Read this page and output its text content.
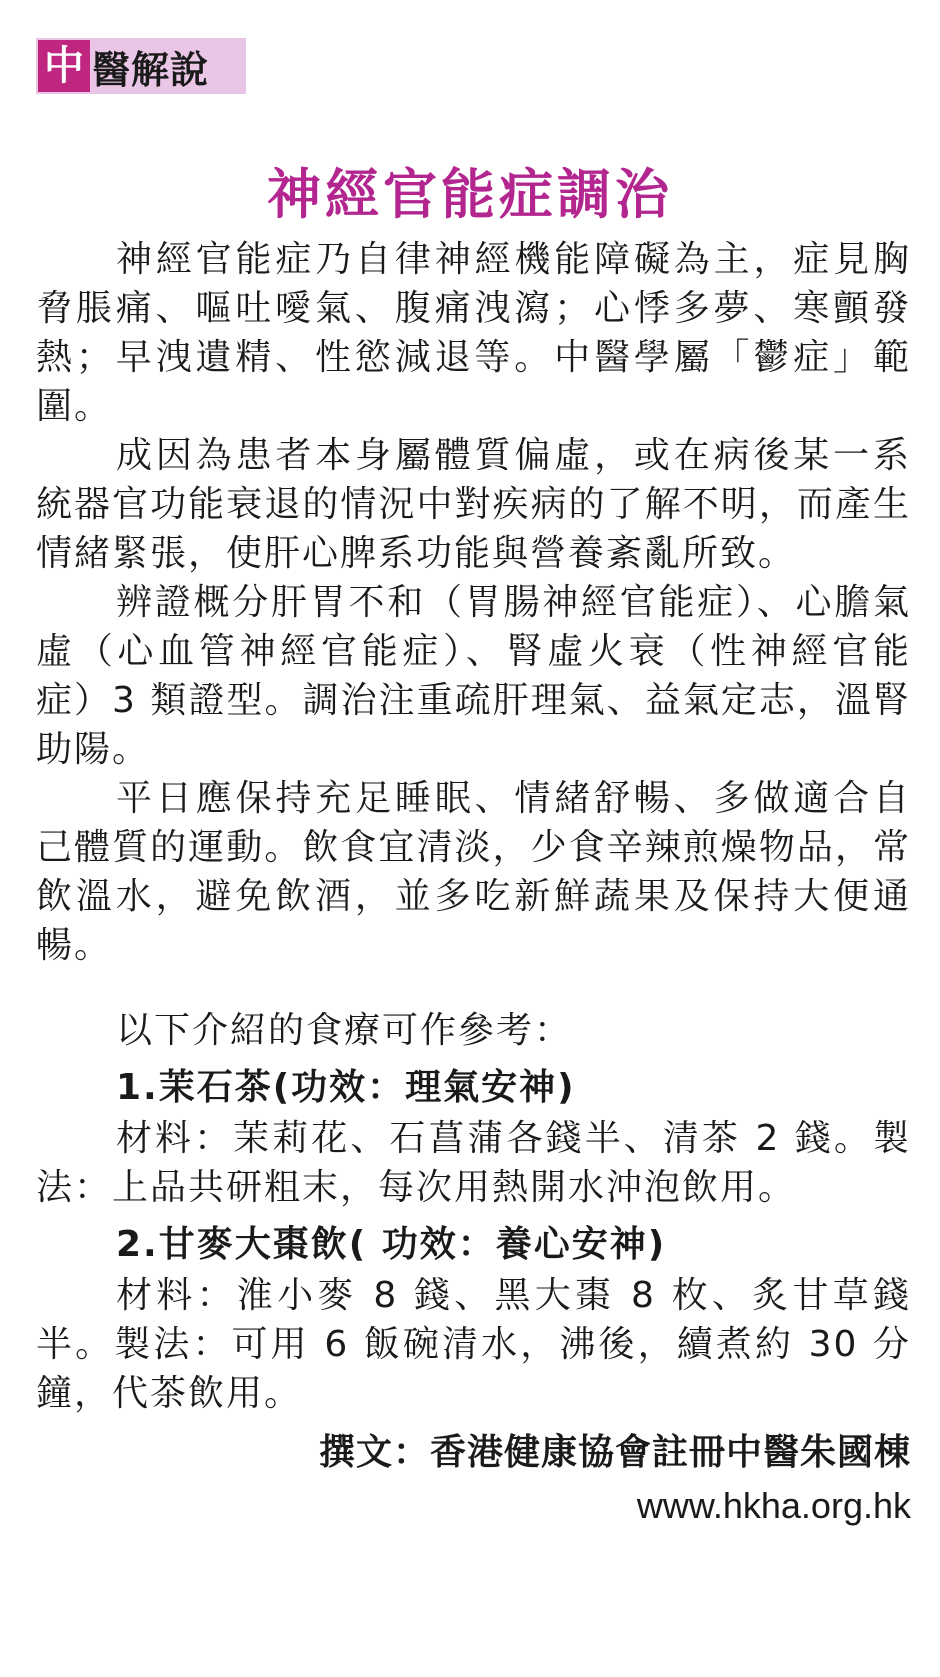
中 醫解說
神經官能症調治

神經官能症乃自律神經機能障礙為主，症見胸脅脹痛、嘔吐噯氣、腹痛洩瀉；心悸多夢、寒顫發熱；早洩遺精、性慾減退等。中醫學屬「鬱症」範圍。

成因為患者本身屬體質偏虛，或在病後某一系統器官功能衰退的情況中對疾病的了解不明，而產生情緒緊張，使肝心脾系功能與營養紊亂所致。

辨證概分肝胃不和（胃腸神經官能症）、心膽氣虛（心血管神經官能症）、腎虛火衰（性神經官能症）3 類證型。調治注重疏肝理氣、益氣定志，溫腎助陽。

平日應保持充足睡眠、情緒舒暢、多做適合自己體質的運動。飲食宜清淡，少食辛辣煎燥物品，常飲溫水，避免飲酒，並多吃新鮮蔬果及保持大便通暢。

以下介紹的食療可作參考：

1.茉石茶(功效：理氣安神)

材料：茉莉花、石菖蒲各錢半、清茶 2 錢。製法：上品共研粗末，每次用熱開水沖泡飲用。

2.甘麥大棗飲( 功效：養心安神)

材料：淮小麥 8 錢、黑大棗 8 枚、炙甘草錢半。製法：可用 6 飯碗清水，沸後，續煮約 30 分鐘，代茶飲用。

撰文：香港健康協會註冊中醫朱國棟
www.hkha.org.hk
